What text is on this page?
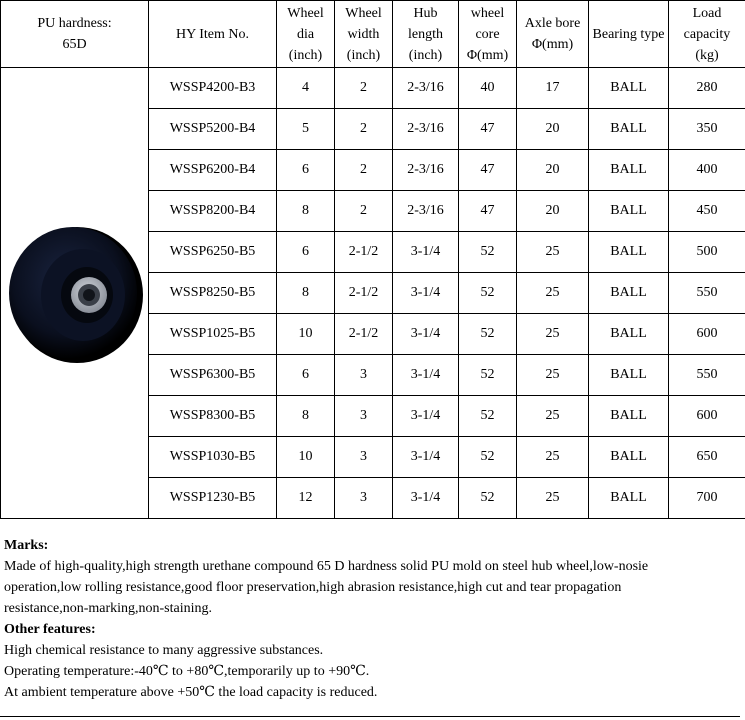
PU hardness:
65D	HY Item No.	Wheel
dia
(inch)	Wheel
width
(inch)	Hub
length
(inch)	wheel
core
Φ(mm)	Axle bore
Φ(mm)	Bearing type	Load
capacity
(kg)

	WSSP4200-B3	4	2	2-3/16	40	17	BALL	280
	WSSP5200-B4	5	2	2-3/16	47	20	BALL	350
	WSSP6200-B4	6	2	2-3/16	47	20	BALL	400
	WSSP8200-B4	8	2	2-3/16	47	20	BALL	450
	WSSP6250-B5	6	2-1/2	3-1/4	52	25	BALL	500
	WSSP8250-B5	8	2-1/2	3-1/4	52	25	BALL	550
	WSSP1025-B5	10	2-1/2	3-1/4	52	25	BALL	600
	WSSP6300-B5	6	3	3-1/4	52	25	BALL	550
	WSSP8300-B5	8	3	3-1/4	52	25	BALL	600
	WSSP1030-B5	10	3	3-1/4	52	25	BALL	650
	WSSP1230-B5	12	3	3-1/4	52	25	BALL	700
Marks:
Made of high-quality,high strength urethane compound 65 D hardness solid PU mold on steel hub wheel,low-nosie
operation,low rolling resistance,good floor preservation,high abrasion resistance,high cut and tear propagation
resistance,non-marking,non-staining.
Other features:
High chemical resistance to many aggressive substances.
Operating temperature:-40℃ to +80℃,temporarily up to +90℃.
At ambient temperature above +50℃ the load capacity is reduced.
